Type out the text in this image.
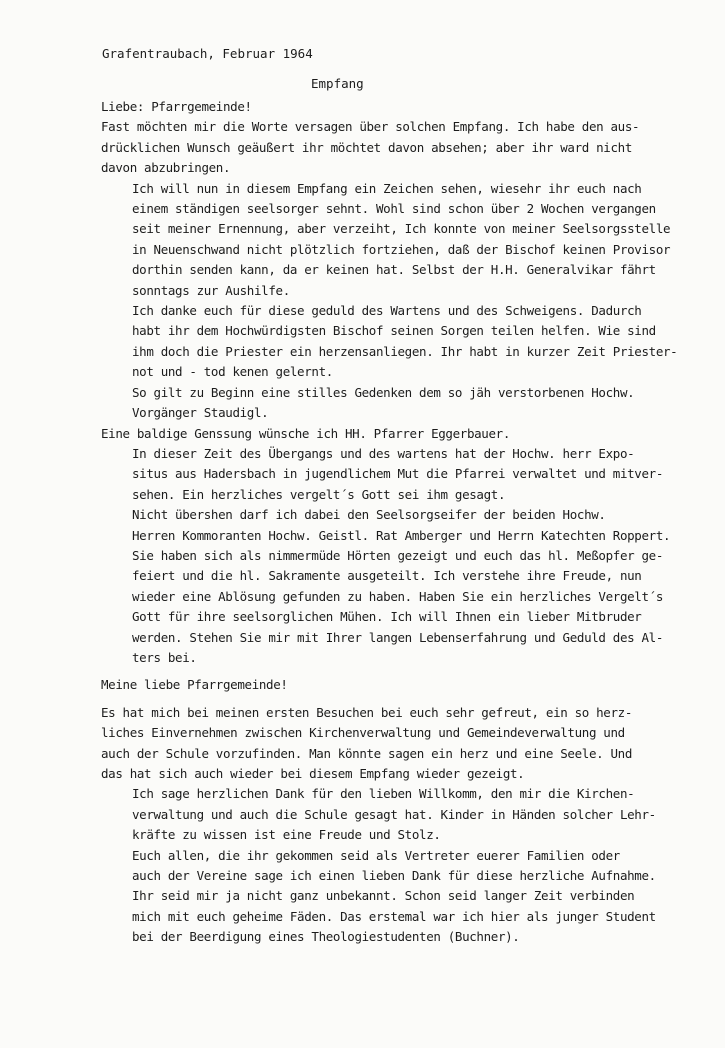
Grafentraubach, Februar 1964
Empfang

Liebe: Pfarrgemeinde!

Fast möchten mir die Worte versagen über solchen Empfang. Ich habe den aus-
drücklichen Wunsch geäußert ihr möchtet davon absehen; aber ihr ward nicht
davon abzubringen.

Ich will nun in diesem Empfang ein Zeichen sehen, wiesehr ihr euch nach
einem ständigen seelsorger sehnt. Wohl sind schon über 2 Wochen vergangen
seit meiner Ernennung, aber verzeiht, Ich konnte von meiner Seelsorgsstelle
in Neuenschwand nicht plötzlich fortziehen, daß der Bischof keinen Provisor
dorthin senden kann, da er keinen hat. Selbst der H.H. Generalvikar fährt
sonntags zur Aushilfe.

Ich danke euch für diese geduld des Wartens und des Schweigens. Dadurch
habt ihr dem Hochwürdigsten Bischof seinen Sorgen teilen helfen. Wie sind
ihm doch die Priester ein herzensanliegen. Ihr habt in kurzer Zeit Priester-
not und - tod kenen gelernt.

So gilt zu Beginn eine stilles Gedenken dem so jäh verstorbenen Hochw.
Vorgänger Staudigl.

Eine baldige Genssung wünsche ich HH. Pfarrer Eggerbauer.

In dieser Zeit des Übergangs und des wartens hat der Hochw. herr Expo-
situs aus Hadersbach in jugendlichem Mut die Pfarrei verwaltet und mitver-
sehen. Ein herzliches vergelt´s Gott sei ihm gesagt.

Nicht übershen darf ich dabei den Seelsorgseifer der beiden Hochw.
Herren Kommoranten Hochw. Geistl. Rat Amberger und Herrn Katechten Roppert.
Sie haben sich als nimmermüde Hörten gezeigt und euch das hl. Meßopfer ge-
feiert und die hl. Sakramente ausgeteilt. Ich verstehe ihre Freude, nun
wieder eine Ablösung gefunden zu haben. Haben Sie ein herzliches Vergelt´s
Gott für ihre seelsorglichen Mühen. Ich will Ihnen ein lieber Mitbruder
werden. Stehen Sie mir mit Ihrer langen Lebenserfahrung und Geduld des Al-
ters bei.

Meine liebe Pfarrgemeinde!

Es hat mich bei meinen ersten Besuchen bei euch sehr gefreut, ein so herz-
liches Einvernehmen zwischen Kirchenverwaltung und Gemeindeverwaltung und
auch der Schule vorzufinden. Man könnte sagen ein herz und eine Seele. Und
das hat sich auch wieder bei diesem Empfang wieder gezeigt.

Ich sage herzlichen Dank für den lieben Willkomm, den mir die Kirchen-
verwaltung und auch die Schule gesagt hat. Kinder in Händen solcher Lehr-
kräfte zu wissen ist eine Freude und Stolz.

Euch allen, die ihr gekommen seid als Vertreter euerer Familien oder
auch der Vereine sage ich einen lieben Dank für diese herzliche Aufnahme.

Ihr seid mir ja nicht ganz unbekannt. Schon seid langer Zeit verbinden
mich mit euch geheime Fäden. Das erstemal war ich hier als junger Student
bei der Beerdigung eines Theologiestudenten (Buchner).
